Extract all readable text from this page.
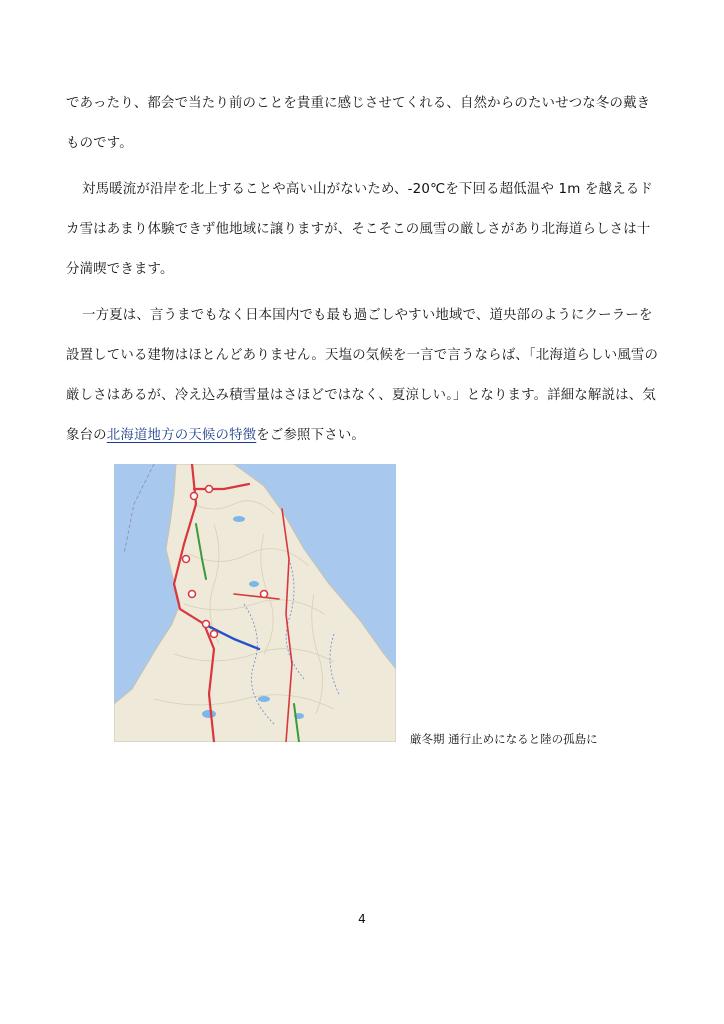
であったり、都会で当たり前のことを貴重に感じさせてくれる、自然からのたいせつな冬の戴きものです。

対馬暖流が沿岸を北上することや高い山がないため、-20℃を下回る超低温や 1m を越えるドカ雪はあまり体験できず他地域に譲りますが、そこそこの風雪の厳しさがあり北海道らしさは十分満喫できます。

一方夏は、言うまでもなく日本国内でも最も過ごしやすい地域で、道央部のようにクーラーを設置している建物はほとんどありません。天塩の気候を一言で言うならば、「北海道らしい風雪の厳しさはあるが、冷え込み積雪量はさほどではなく、夏涼しい。」となります。詳細な解説は、気象台の北海道地方の天候の特徴をご参照下さい。

厳冬期 通行止めになると陸の孤島に
4
